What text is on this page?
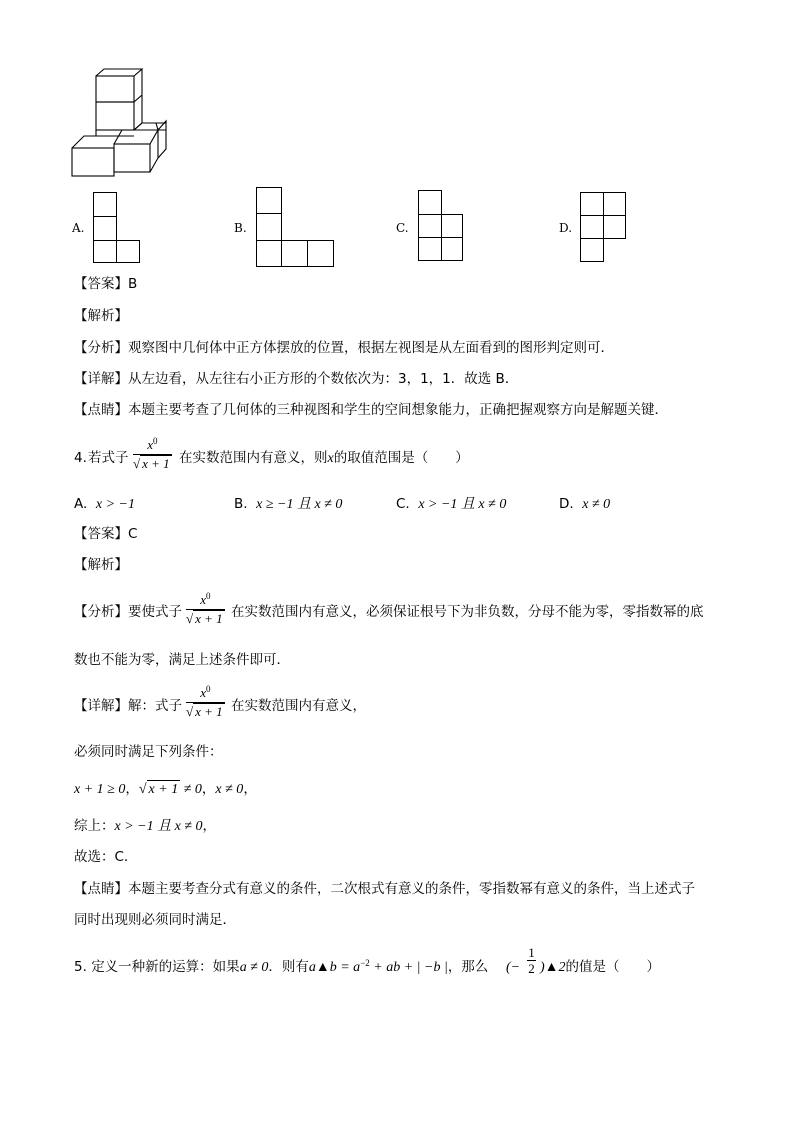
A.	B.	C.	D.
【答案】B
【解析】
【分析】观察图中几何体中正方体摆放的位置，根据左视图是从左面看到的图形判定则可．
【详解】从左边看，从左往右小正方形的个数依次为：3，1，1．故选 B．
【点睛】本题主要考查了几何体的三种视图和学生的空间想象能力，正确把握观察方向是解题关键．
4. 若式子
$x^0$
√ x + 1 在实数范围内有意义，则x的取值范围是（　　）
A. x > −1	B. x ≥ −1 且 x ≠ 0	C. x > −1 且 x ≠ 0	D. x ≠ 0
【答案】C
【解析】
【分析】要使式子
$x^0$
√ x + 1 在实数范围内有意义，必须保证根号下为非负数，分母不能为零，零指数幂的底
数也不能为零，满足上述条件即可．
【详解】解：式子
$x^0$
√ x + 1 在实数范围内有意义，
必须同时满足下列条件：
x + 1 ≥ 0，√ x + 1 ≠ 0，x ≠ 0，
综上：x > −1 且 x ≠ 0，
故选：C．
【点睛】本题主要考查分式有意义的条件，二次根式有意义的条件，零指数幂有意义的条件，当上述式子
同时出现则必须同时满足．
5. 定义一种新的运算：如果a ≠ 0．则有a▲b = $a^{-2}$ + ab + | −b |，那么 (−
1
2 )▲2的值是（　　）
